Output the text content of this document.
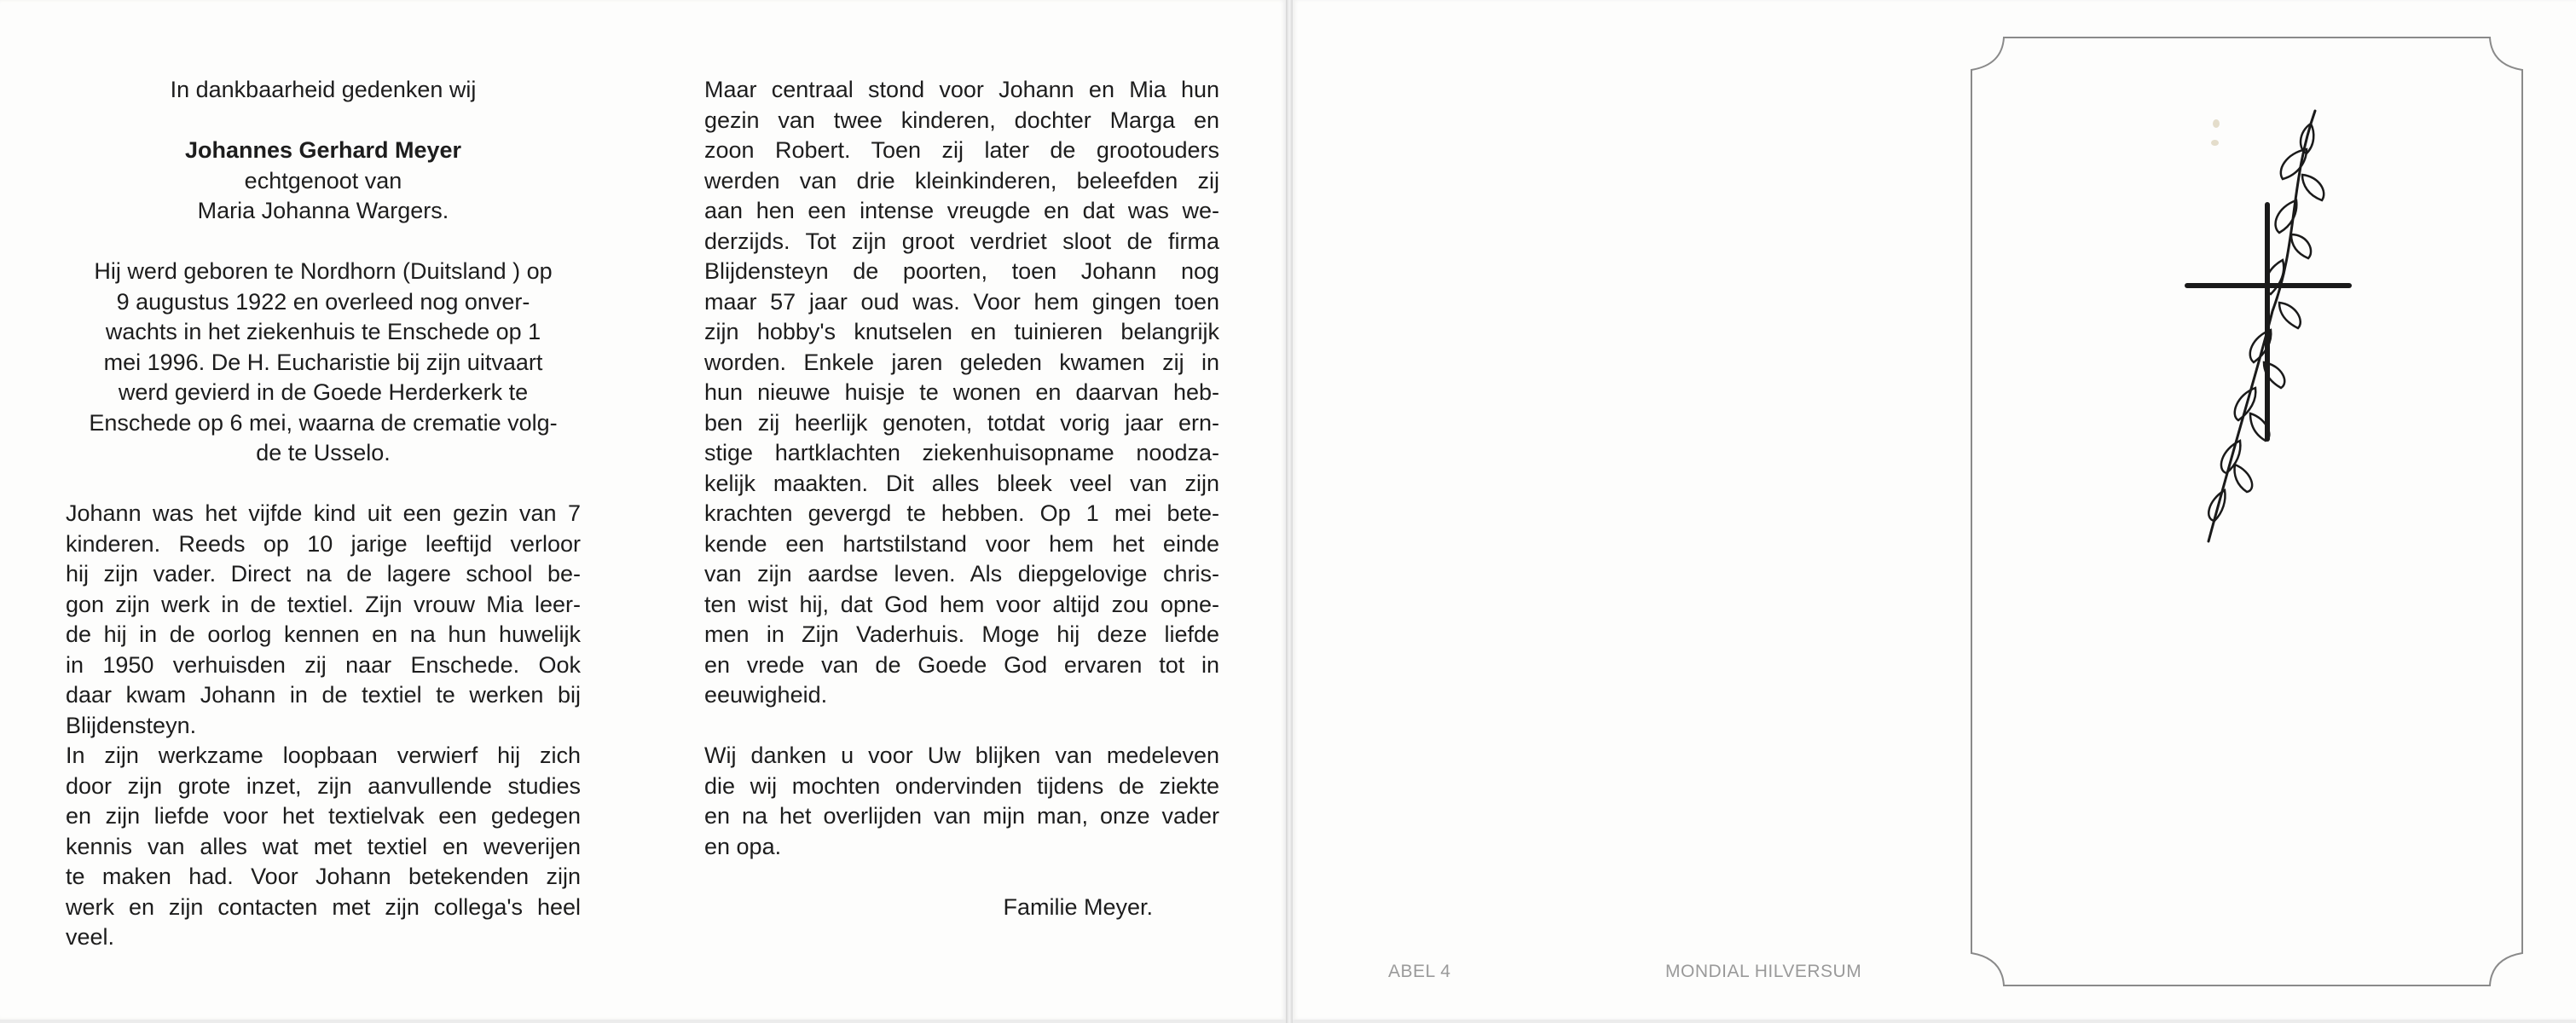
In dankbaarheid gedenken wij
Johannes Gerhard Meyer
echtgenoot van
Maria Johanna Wargers.
Hij werd geboren te Nordhorn (Duitsland ) op
9 augustus 1922 en overleed nog onver-
wachts in het ziekenhuis te Enschede op 1
mei 1996. De H. Eucharistie bij zijn uitvaart
werd gevierd in de Goede Herderkerk te
Enschede op 6 mei, waarna de crematie volg-
de te Usselo.
Johann was het vijfde kind uit een gezin van 7
kinderen. Reeds op 10 jarige leeftijd verloor
hij zijn vader. Direct na de lagere school be-
gon zijn werk in de textiel. Zijn vrouw Mia leer-
de hij in de oorlog kennen en na hun huwelijk
in 1950 verhuisden zij naar Enschede. Ook
daar kwam Johann in de textiel te werken bij
Blijdensteyn.
In zijn werkzame loopbaan verwierf hij zich
door zijn grote inzet, zijn aanvullende studies
en zijn liefde voor het textielvak een gedegen
kennis van alles wat met textiel en weverijen
te maken had. Voor Johann betekenden zijn
werk en zijn contacten met zijn collega's heel
veel.
Maar centraal stond voor Johann en Mia hun
gezin van twee kinderen, dochter Marga en
zoon Robert. Toen zij later de grootouders
werden van drie kleinkinderen, beleefden zij
aan hen een intense vreugde en dat was we-
derzijds. Tot zijn groot verdriet sloot de firma
Blijdensteyn de poorten, toen Johann nog
maar 57 jaar oud was. Voor hem gingen toen
zijn hobby's knutselen en tuinieren belangrijk
worden. Enkele jaren geleden kwamen zij in
hun nieuwe huisje te wonen en daarvan heb-
ben zij heerlijk genoten, totdat vorig jaar ern-
stige hartklachten ziekenhuisopname noodza-
kelijk maakten. Dit alles bleek veel van zijn
krachten gevergd te hebben. Op 1 mei bete-
kende een hartstilstand voor hem het einde
van zijn aardse leven. Als diepgelovige chris-
ten wist hij, dat God hem voor altijd zou opne-
men in Zijn Vaderhuis. Moge hij deze liefde
en vrede van de Goede God ervaren tot in
eeuwigheid.
Wij danken u voor Uw blijken van medeleven
die wij mochten ondervinden tijdens de ziekte
en na het overlijden van mijn man, onze vader
en opa.
Familie Meyer.
ABEL 4	MONDIAL HILVERSUM
